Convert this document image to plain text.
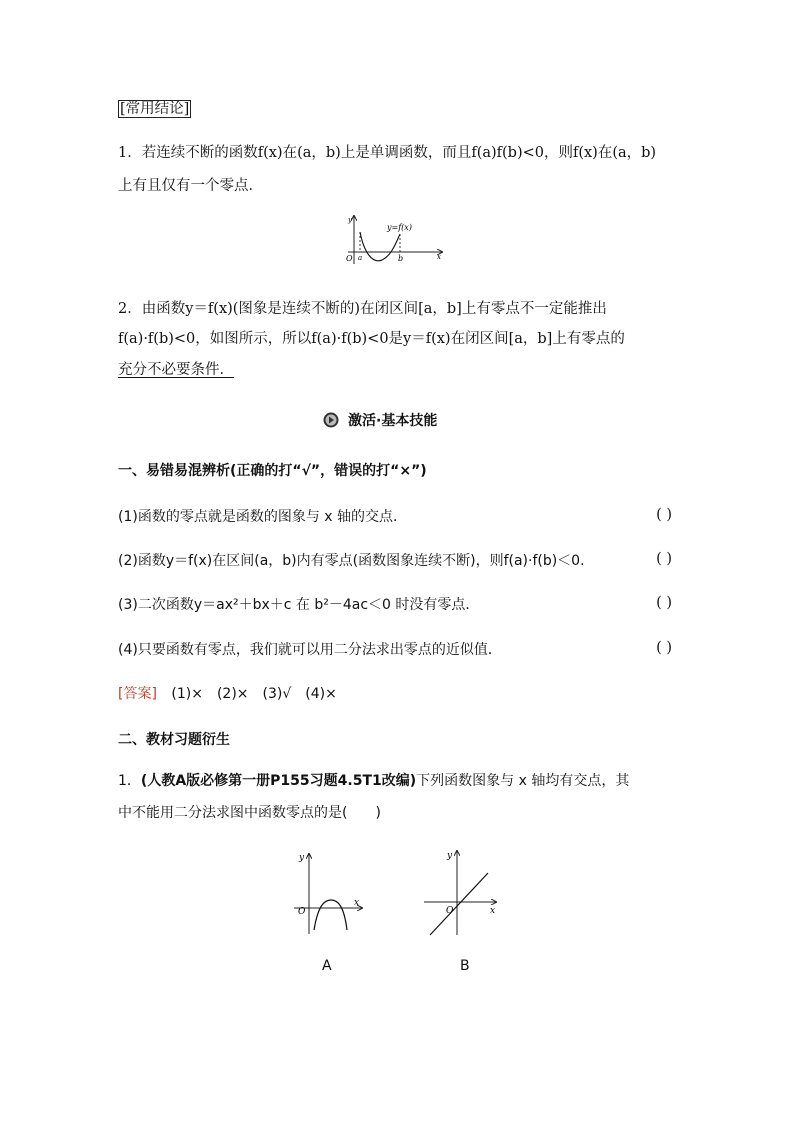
[常用结论]
1．若连续不断的函数f(x)在(a，b)上是单调函数，而且f(a)f(b)<0，则f(x)在(a，b)
上有且仅有一个零点．
y=f(x)
O a	b	x
y
2．由函数y＝f(x)(图象是连续不断的)在闭区间[a，b]上有零点不一定能推出
f(a)·f(b)<0，如图所示，所以f(a)·f(b)<0是y＝f(x)在闭区间[a，b]上有零点的
充分不必要条件．
激活·基本技能
一、易错易混辨析(正确的打“√”，错误的打“×”)
(1)函数的零点就是函数的图象与 x 轴的交点．	( )
(2)函数y＝f(x)在区间(a，b)内有零点(函数图象连续不断)，则f(a)·f(b)＜0.	( )
(3)二次函数y＝ax²＋bx＋c 在 b²－4ac＜0 时没有零点．	( )
(4)只要函数有零点，我们就可以用二分法求出零点的近似值．	( )
[答案] (1)×　(2)×　(3)√　(4)×
二、教材习题衍生
1．(人教A版必修第一册P155习题4.5T1改编)下列函数图象与 x 轴均有交点，其
中不能用二分法求图中函数零点的是(　　)
O
x
y
A
O	x
y
B
